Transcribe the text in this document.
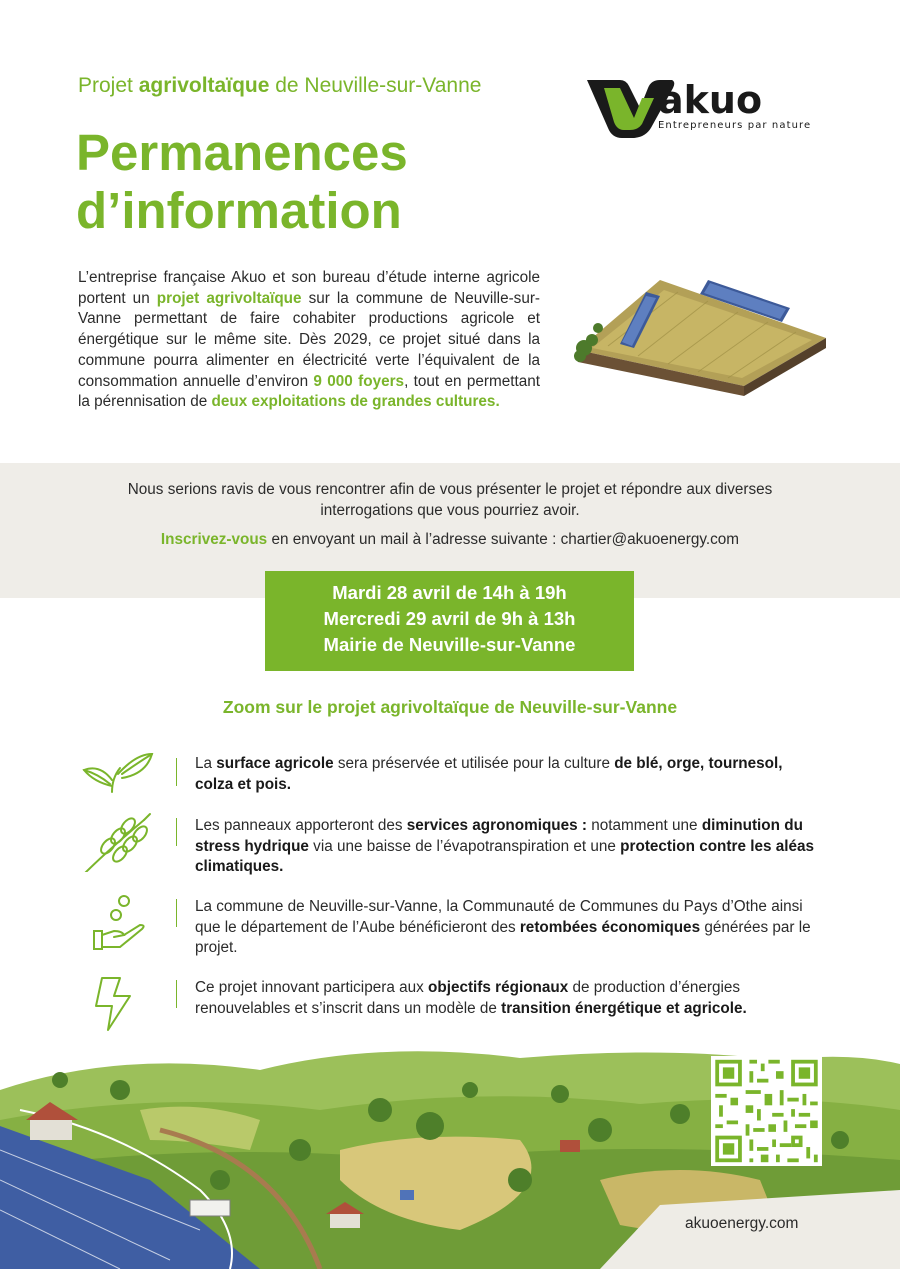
Projet agrivoltaïque de Neuville-sur-Vanne
Permanences
d’information
akuo
Entrepreneurs par nature

L’entreprise française Akuo et son bureau d’étude interne agricole portent un projet agrivoltaïque sur la commune de Neuville-sur-Vanne permettant de faire cohabiter productions agricole et énergétique sur le même site. Dès 2029, ce projet situé dans la commune pourra alimenter en électricité verte l’équivalent de la consommation annuelle d’environ 9 000 foyers, tout en permettant la pérennisation de deux exploitations de grandes cultures.

Nous serions ravis de vous rencontrer afin de vous présenter le projet et répondre aux diverses interrogations que vous pourriez avoir.

Inscrivez-vous en envoyant un mail à l’adresse suivante : chartier@akuoenergy.com

Mardi 28 avril de 14h à 19h
Mercredi 29 avril de 9h à 13h
Mairie de Neuville-sur-Vanne
Zoom sur le projet agrivoltaïque de Neuville-sur-Vanne
La surface agricole sera préservée et utilisée pour la culture de blé, orge, tournesol, colza et pois.
Les panneaux apporteront des services agronomiques : notamment une diminution du stress hydrique via une baisse de l’évapotranspiration et une protection contre les aléas climatiques.
La commune de Neuville-sur-Vanne, la Communauté de Communes du Pays d’Othe ainsi que le département de l’Aube bénéficieront des retombées économiques générées par le projet.
Ce projet innovant participera aux objectifs régionaux de production d’énergies renouvelables et s’inscrit dans un modèle de transition énergétique et agricole.
akuoenergy.com
